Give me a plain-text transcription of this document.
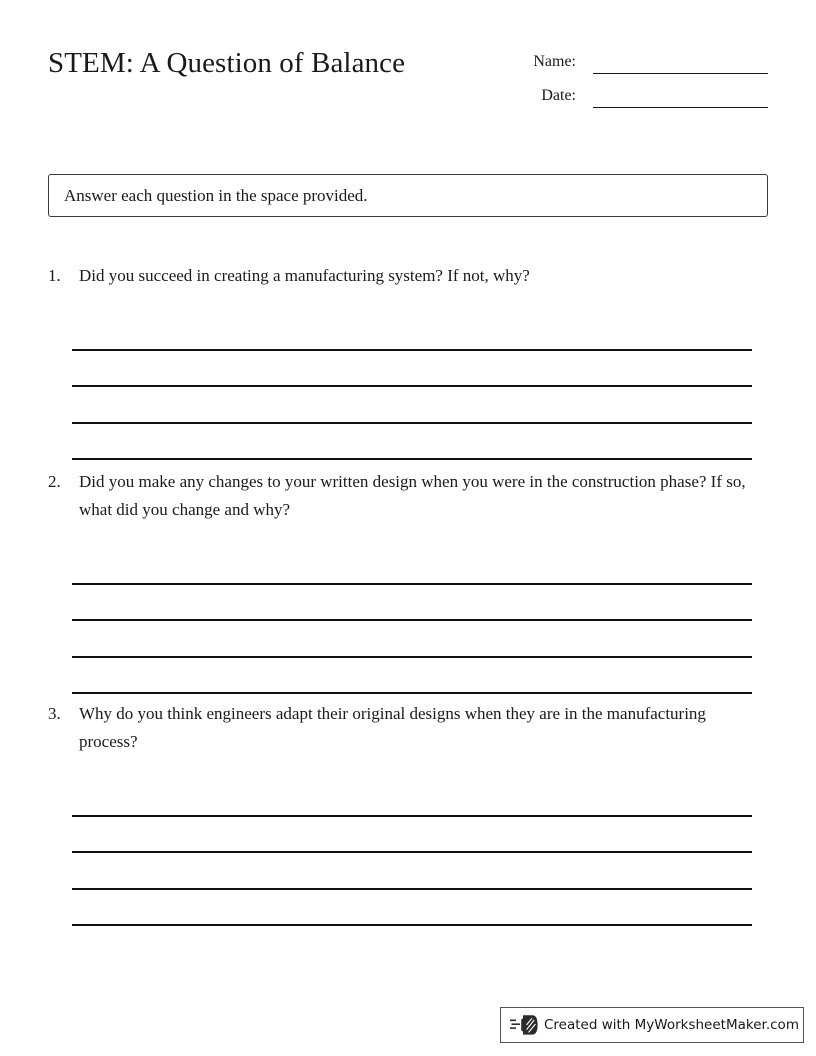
STEM: A Question of Balance	Name:
Date:
Answer each question in the space provided.
1.	Did you succeed in creating a manufacturing system? If not, why?
2.	Did you make any changes to your written design when you were in the construction phase? If so, what did you change and why?
3.	Why do you think engineers adapt their original designs when they are in the manufacturing process?
Created with MyWorksheetMaker.com
